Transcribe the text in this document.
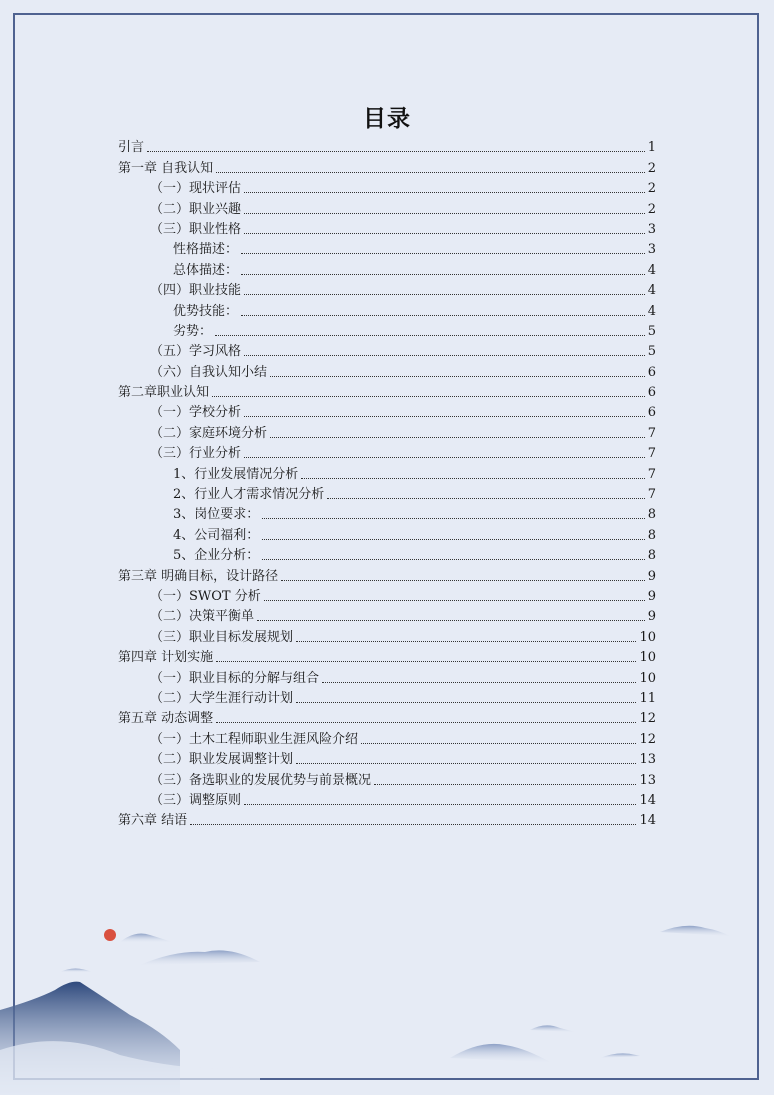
目录
引言	1
第一章 自我认知	2
（一）现状评估	2
（二）职业兴趣	2
（三）职业性格	3
性格描述：	3
总体描述：	4
（四）职业技能	4
优势技能：	4
劣势：	5
（五）学习风格	5
（六）自我认知小结	6
第二章职业认知	6
（一）学校分析	6
（二）家庭环境分析	7
（三）行业分析	7
1、行业发展情况分析	7
2、行业人才需求情况分析	7
3、岗位要求：	8
4、公司福利：	8
5、企业分析：	8
第三章 明确目标，设计路径	9
（一）SWOT 分析	9
（二）决策平衡单	9
（三）职业目标发展规划	10
第四章 计划实施	10
（一）职业目标的分解与组合	10
（二）大学生涯行动计划	11
第五章 动态调整	12
（一）土木工程师职业生涯风险介绍	12
（二）职业发展调整计划	13
（三）备选职业的发展优势与前景概况	13
（三）调整原则	14
第六章 结语	14
